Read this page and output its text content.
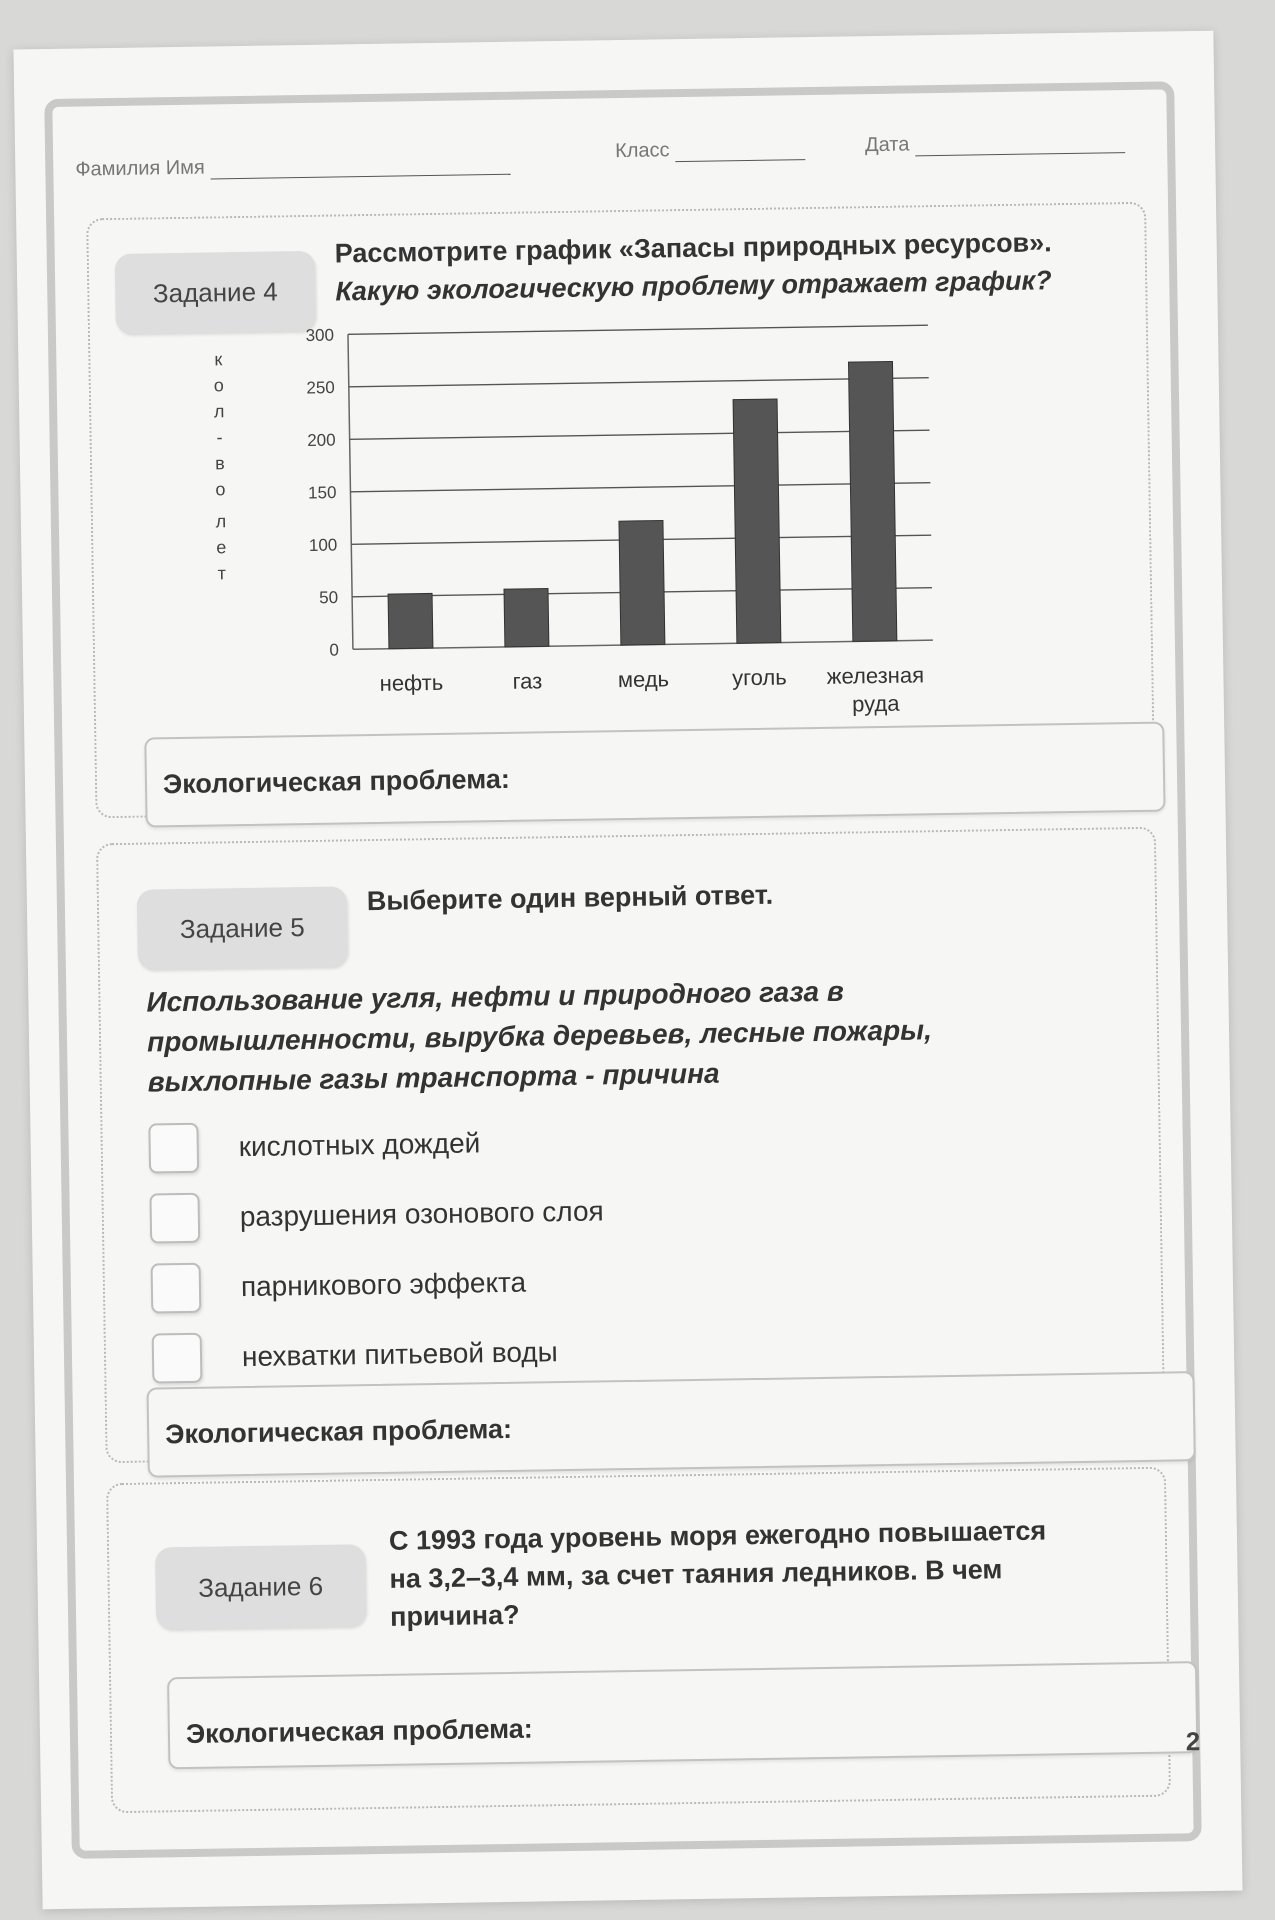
Фамилия Имя
Класс	Дата
Задание 4
Рассмотрите график «Запасы природных ресурсов».
Какую экологическую проблему отражает график?
к
о
л
-
в
о
л
е
т
0
50
100
150
200
250
300
нефть	газ	медь	уголь железная
руда
Экологическая проблема:
Задание 5
Выберите один верный ответ.
Использование угля, нефти и природного газа в
промышленности, вырубка деревьев, лесные пожары,
выхлопные газы транспорта - причина
кислотных дождей
разрушения озонового слоя
парникового эффекта
нехватки питьевой воды
Экологическая проблема:
Задание 6
С 1993 года уровень моря ежегодно повышается
на 3,2–3,4 мм, за счет таяния ледников. В чем
причина?
Экологическая проблема:	2
